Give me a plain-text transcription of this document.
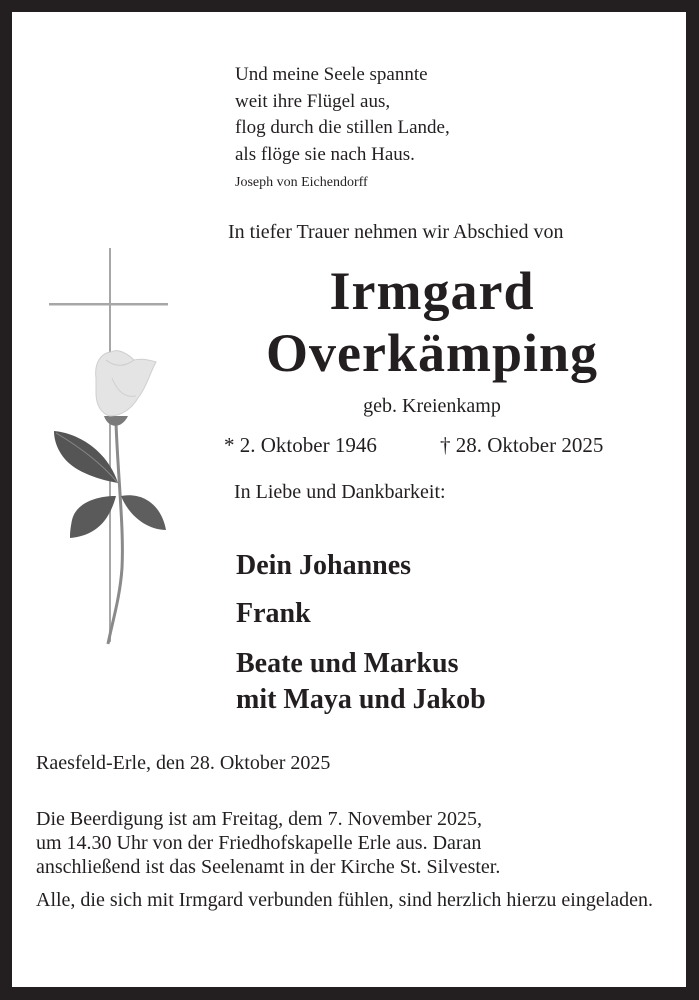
Und meine Seele spannte
weit ihre Flügel aus,
flog durch die stillen Lande,
als flöge sie nach Haus.
Joseph von Eichendorff
In tiefer Trauer nehmen wir Abschied von
Irmgard
Overkämping
geb. Kreienkamp
* 2. Oktober 1946	† 28. Oktober 2025
In Liebe und Dankbarkeit:
Dein Johannes
Frank
Beate und Markus
mit Maya und Jakob
Raesfeld-Erle, den 28. Oktober 2025
Die Beerdigung ist am Freitag, dem 7. November 2025,
um 14.30 Uhr von der Friedhofskapelle Erle aus. Daran
anschließend ist das Seelenamt in der Kirche St. Silvester.
Alle, die sich mit Irmgard verbunden fühlen, sind herzlich hierzu eingeladen.
